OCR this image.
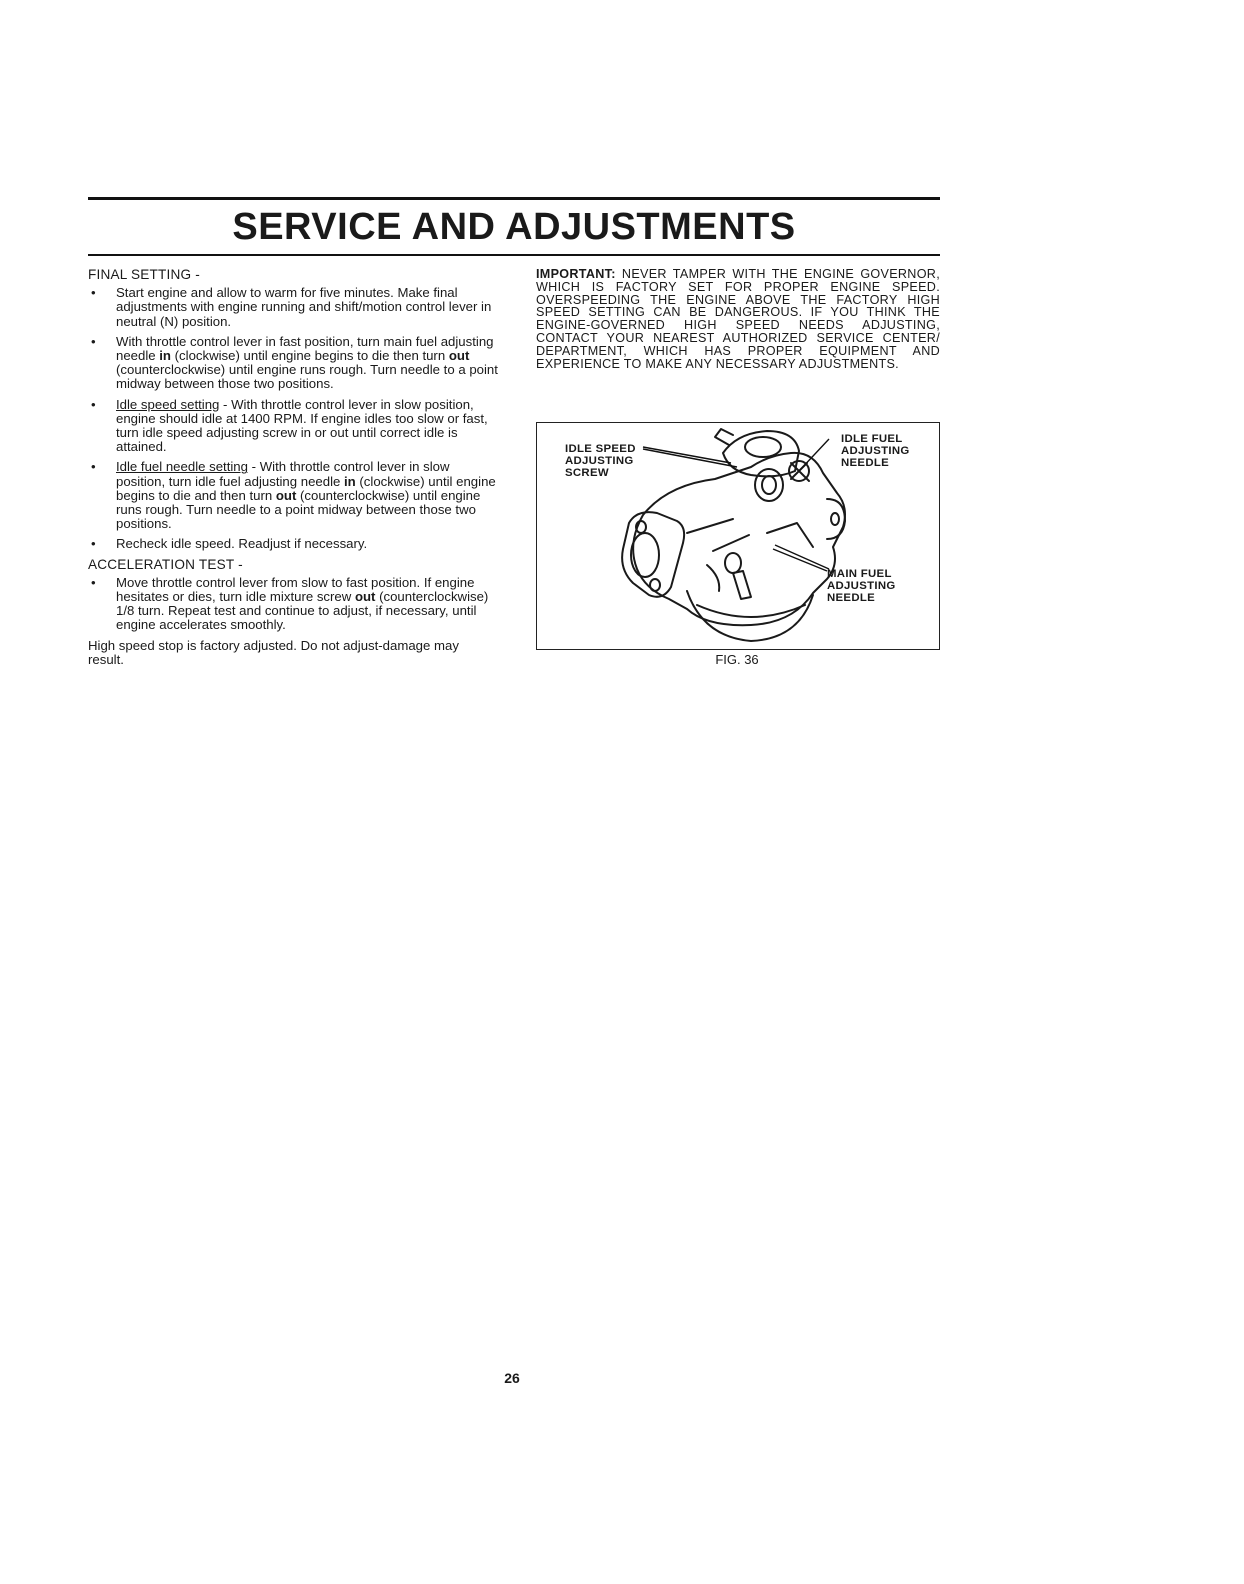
SERVICE AND ADJUSTMENTS

FINAL SETTING -

• Start engine and allow to warm for five minutes. Make final adjustments with engine running and shift/motion control lever in neutral (N) position.
• With throttle control lever in fast position, turn main fuel adjusting needle in (clockwise) until engine begins to die then turn out (counterclockwise) until engine runs rough. Turn needle to a point midway between those two positions.
• Idle speed setting - With throttle control lever in slow position, engine should idle at 1400 RPM. If engine idles too slow or fast, turn idle speed adjusting screw in or out until correct idle is attained.
• Idle fuel needle setting - With throttle control lever in slow position, turn idle fuel adjusting needle in (clockwise) until engine begins to die and then turn out (counterclockwise) until engine runs rough. Turn needle to a point midway between those two positions.
• Recheck idle speed. Readjust if necessary.

ACCELERATION TEST -

• Move throttle control lever from slow to fast position. If engine hesitates or dies, turn idle mixture screw out (counterclockwise) 1/8 turn. Repeat test and continue to adjust, if necessary, until engine accelerates smoothly.

High speed stop is factory adjusted. Do not adjust-damage may result.

IMPORTANT: NEVER TAMPER WITH THE ENGINE GOVERNOR, WHICH IS FACTORY SET FOR PROPER ENGINE SPEED. OVERSPEEDING THE ENGINE ABOVE THE FACTORY HIGH SPEED SETTING CAN BE DANGEROUS. IF YOU THINK THE ENGINE-GOVERNED HIGH SPEED NEEDS ADJUSTING, CONTACT YOUR NEAREST AUTHORIZED SERVICE CENTER/ DEPARTMENT, WHICH HAS PROPER EQUIPMENT AND EXPERIENCE TO MAKE ANY NECESSARY ADJUSTMENTS.

IDLE SPEED
ADJUSTING
SCREW
IDLE FUEL
ADJUSTING
NEEDLE
MAIN FUEL
ADJUSTING
NEEDLE

FIG. 36

26
